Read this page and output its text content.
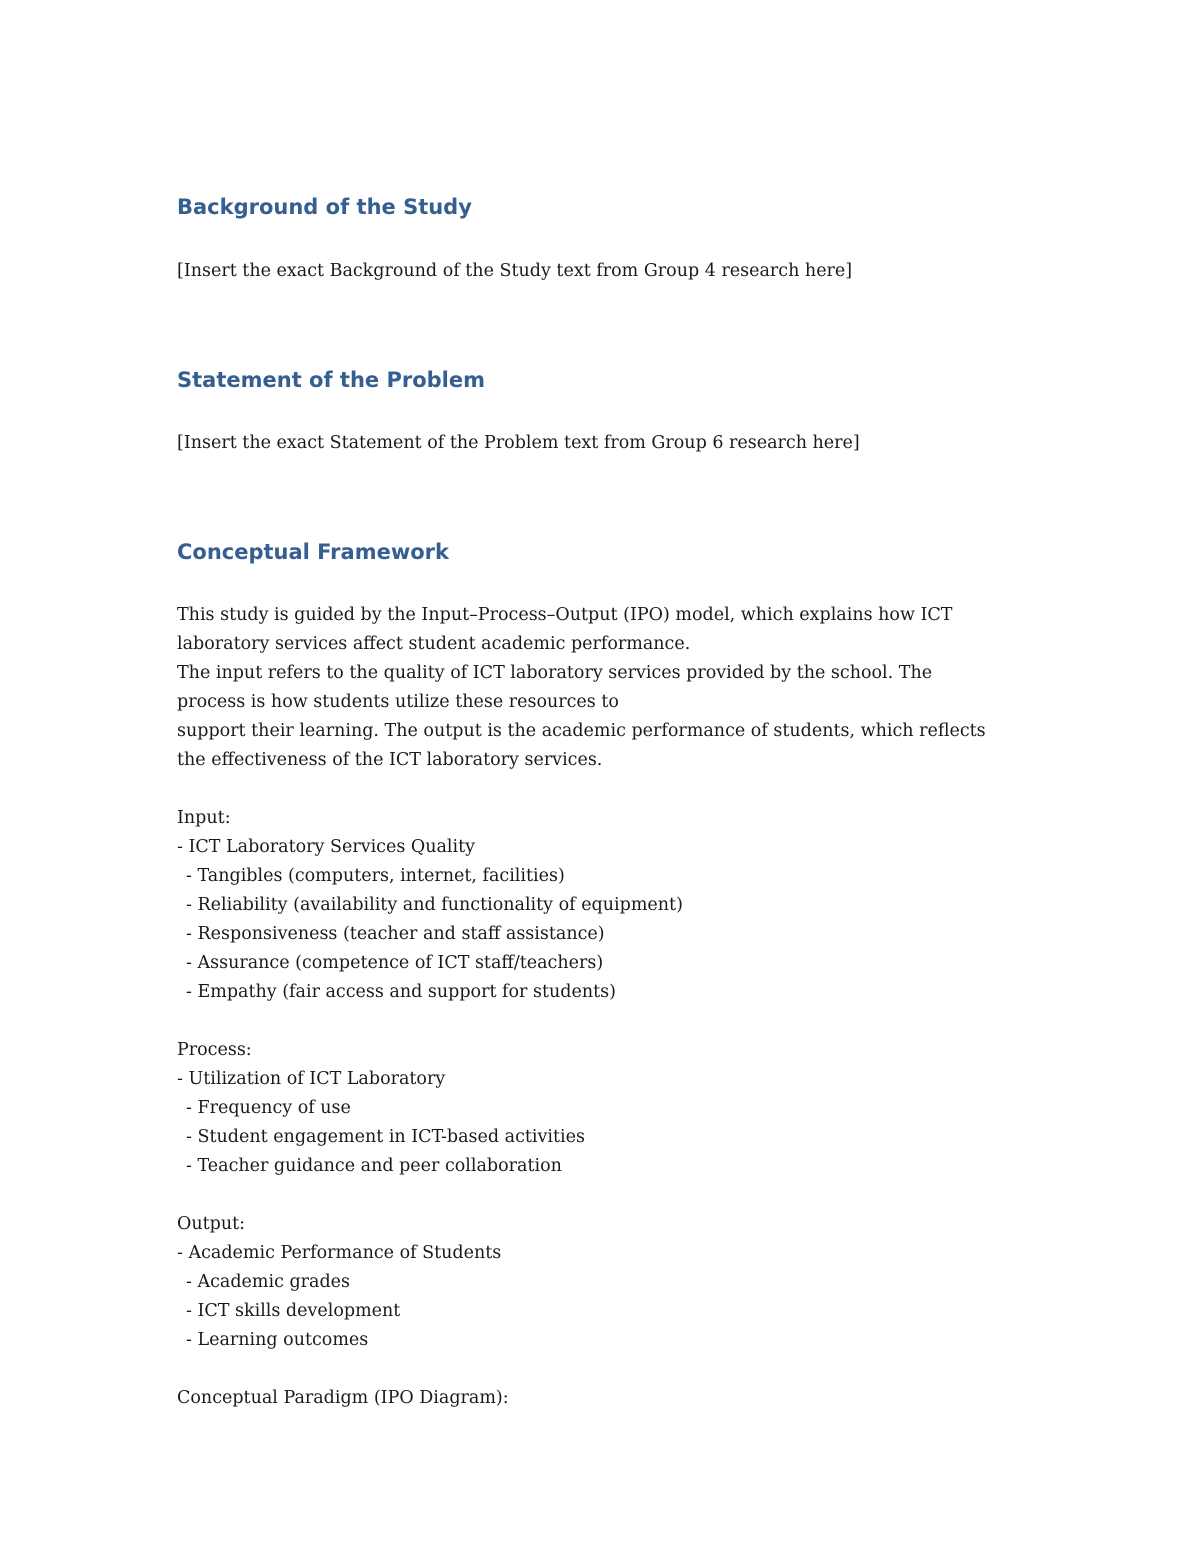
Background of the Study

[Insert the exact Background of the Study text from Group 4 research here]

Statement of the Problem

[Insert the exact Statement of the Problem text from Group 6 research here]

Conceptual Framework
This study is guided by the Input–Process–Output (IPO) model, which explains how ICT
laboratory services affect student academic performance.
The input refers to the quality of ICT laboratory services provided by the school. The
process is how students utilize these resources to
support their learning. The output is the academic performance of students, which reflects
the effectiveness of the ICT laboratory services.
Input:
- ICT Laboratory Services Quality
- Tangibles (computers, internet, facilities)
- Reliability (availability and functionality of equipment)
- Responsiveness (teacher and staff assistance)
- Assurance (competence of ICT staff/teachers)
- Empathy (fair access and support for students)
Process:
- Utilization of ICT Laboratory
- Frequency of use
- Student engagement in ICT-based activities
- Teacher guidance and peer collaboration
Output:
- Academic Performance of Students
- Academic grades
- ICT skills development
- Learning outcomes

Conceptual Paradigm (IPO Diagram):
